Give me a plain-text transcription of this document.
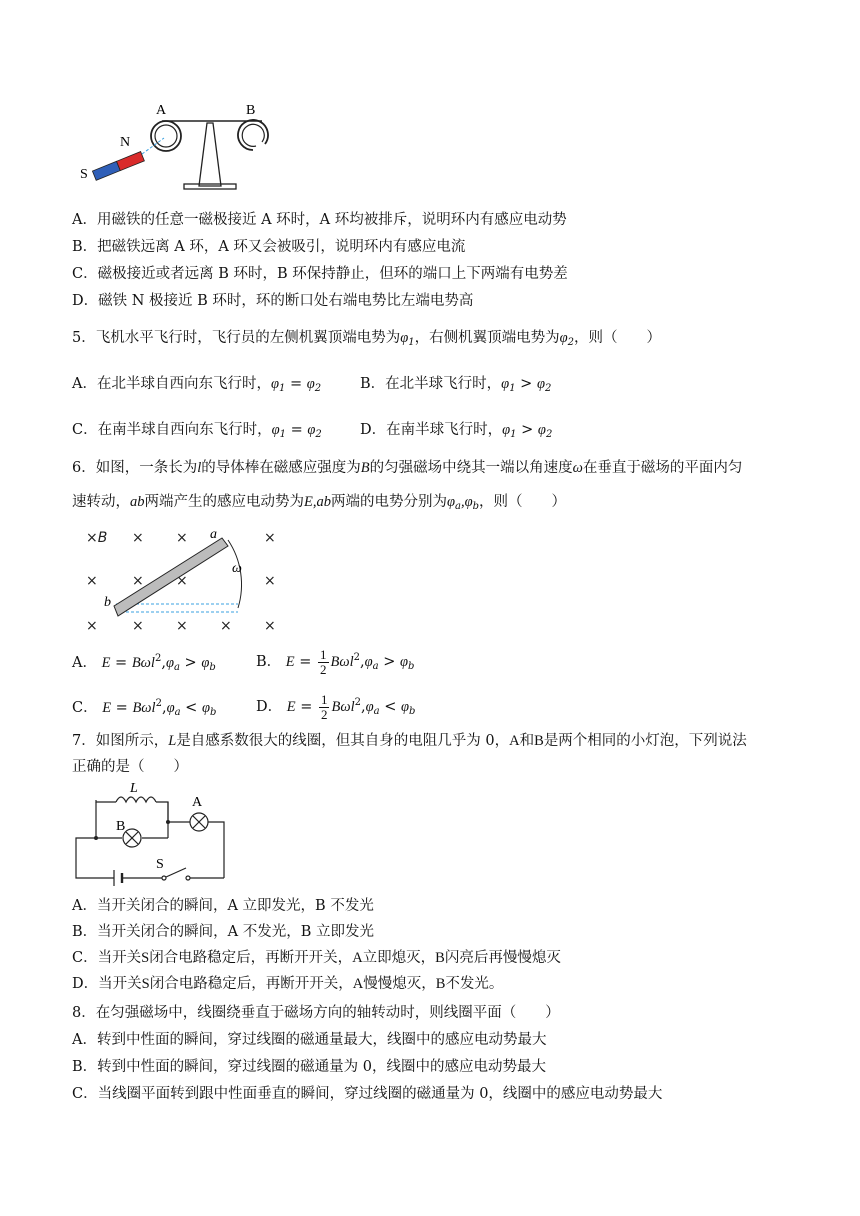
A	B
N
S
A．用磁铁的任意一磁极接近 A 环时，A 环均被排斥，说明环内有感应电动势
B．把磁铁远离 A 环，A 环又会被吸引，说明环内有感应电流
C．磁极接近或者远离 B 环时，B 环保持静止，但环的端口上下两端有电势差
D．磁铁 N 极接近 B 环时，环的断口处右端电势比左端电势高
5．飞机水平飞行时，飞行员的左侧机翼顶端电势为$\varphi_1$，右侧机翼顶端电势为$\varphi_2$，则（　　）
A．在北半球自西向东飞行时，$\varphi_1 = \varphi_2$	B．在北半球飞行时，$\varphi_1 > \varphi_2$
C．在南半球自西向东飞行时，$\varphi_1 = \varphi_2$	D．在南半球飞行时，$\varphi_1 > \varphi_2$
6．如图，一条长为l的导体棒在磁感应强度为B的匀强磁场中绕其一端以角速度ω在垂直于磁场的平面内匀
速转动，ab两端产生的感应电动势为E,ab两端的电势分别为$\varphi_a,\varphi_b$，则（　　）
×B × ×	×
× × ×	×
× × × × ×
a
b
ω
A． $E = B\omega l^2,\varphi_a > \varphi_b$	B． $E = \frac{1}{2} B\omega l^2,\varphi_a > \varphi_b$
C． $E = B\omega l^2,\varphi_a < \varphi_b$	D． $E = \frac{1}{2} B\omega l^2,\varphi_a < \varphi_b$
7．如图所示，L是自感系数很大的线圈，但其自身的电阻几乎为 0，A和B是两个相同的小灯泡，下列说法
正确的是（　　）
L
A
B
S
A．当开关闭合的瞬间，A 立即发光，B 不发光
B．当开关闭合的瞬间，A 不发光，B 立即发光
C．当开关S闭合电路稳定后，再断开开关，A立即熄灭，B闪亮后再慢慢熄灭
D．当开关S闭合电路稳定后，再断开开关，A慢慢熄灭，B不发光。
8．在匀强磁场中，线圈绕垂直于磁场方向的轴转动时，则线圈平面（　　）
A．转到中性面的瞬间，穿过线圈的磁通量最大，线圈中的感应电动势最大
B．转到中性面的瞬间，穿过线圈的磁通量为 0，线圈中的感应电动势最大
C．当线圈平面转到跟中性面垂直的瞬间，穿过线圈的磁通量为 0，线圈中的感应电动势最大
